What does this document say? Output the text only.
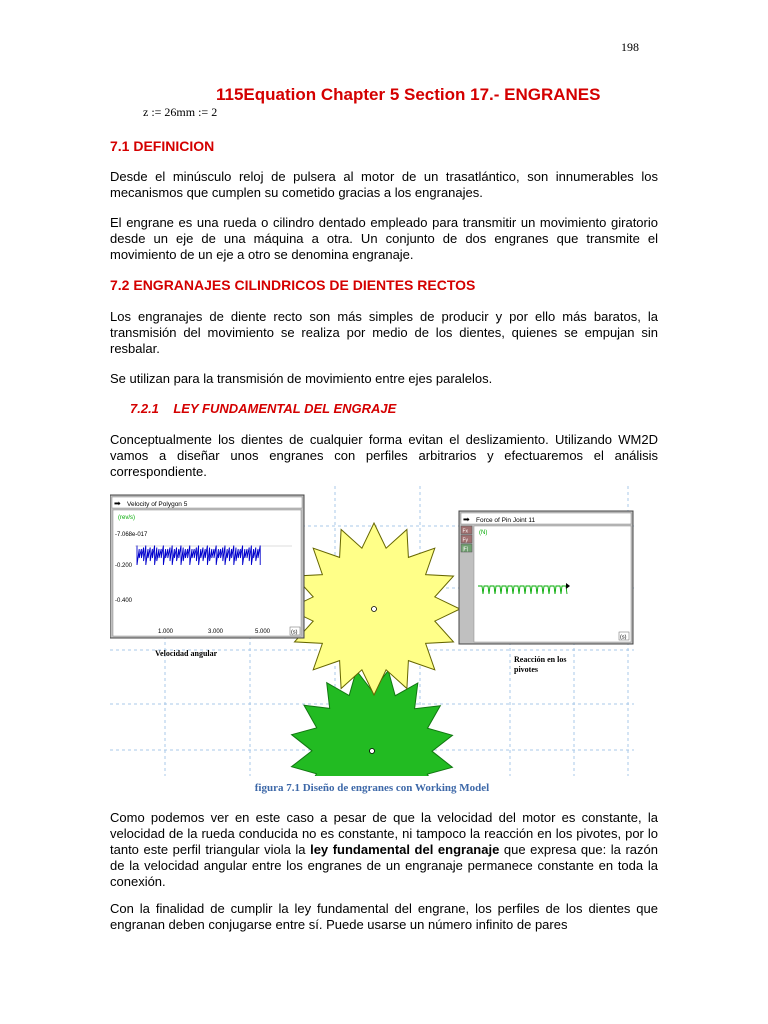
198
115Equation Chapter 5 Section 17.- ENGRANES
z := 26mm := 2
7.1 DEFINICION

Desde el minúsculo reloj de pulsera al motor de un trasatlántico, son innumerables los mecanismos que cumplen su cometido gracias a los engranajes.

El engrane es una rueda o cilindro dentado empleado para transmitir un movimiento giratorio desde un eje de una máquina a otra. Un conjunto de dos engranes que transmite el movimiento de un eje a otro se denomina engranaje.

7.2 ENGRANAJES CILINDRICOS DE DIENTES RECTOS

Los engranajes de diente recto son más simples de producir y por ello más baratos, la transmisión del movimiento se realiza por medio de los dientes, quienes se empujan sin resbalar.

Se utilizan para la transmisión de movimiento entre ejes paralelos.

7.2.1    LEY FUNDAMENTAL DEL ENGRAJE

Conceptualmente los dientes de cualquier forma evitan el deslizamiento. Utilizando WM2D vamos a diseñar unos engranes con perfiles arbitrarios y efectuaremos el análisis correspondiente.

➡ Velocity of Polygon 5
(rev/s)
-7.068e-017
-0.200
-0.400
1.000	3.000	5.000	(s)
➡ Force of Pin Joint 11
Fx
Fy
|F|
(N)
(s)
Velocidad angular
Reacción en los
pivotes
figura 7.1 Diseño de engranes con Working Model

Como podemos ver en este caso a pesar de que la velocidad del motor es constante, la velocidad de la rueda conducida no es constante, ni tampoco la reacción en los pivotes, por lo tanto este perfil triangular viola la ley fundamental del engranaje que expresa que: la razón de la velocidad angular entre los engranes de un engranaje permanece constante en toda la conexión.

Con la finalidad de cumplir la ley fundamental del engrane, los perfiles de los dientes que engranan deben conjugarse entre sí. Puede usarse un número infinito de pares
